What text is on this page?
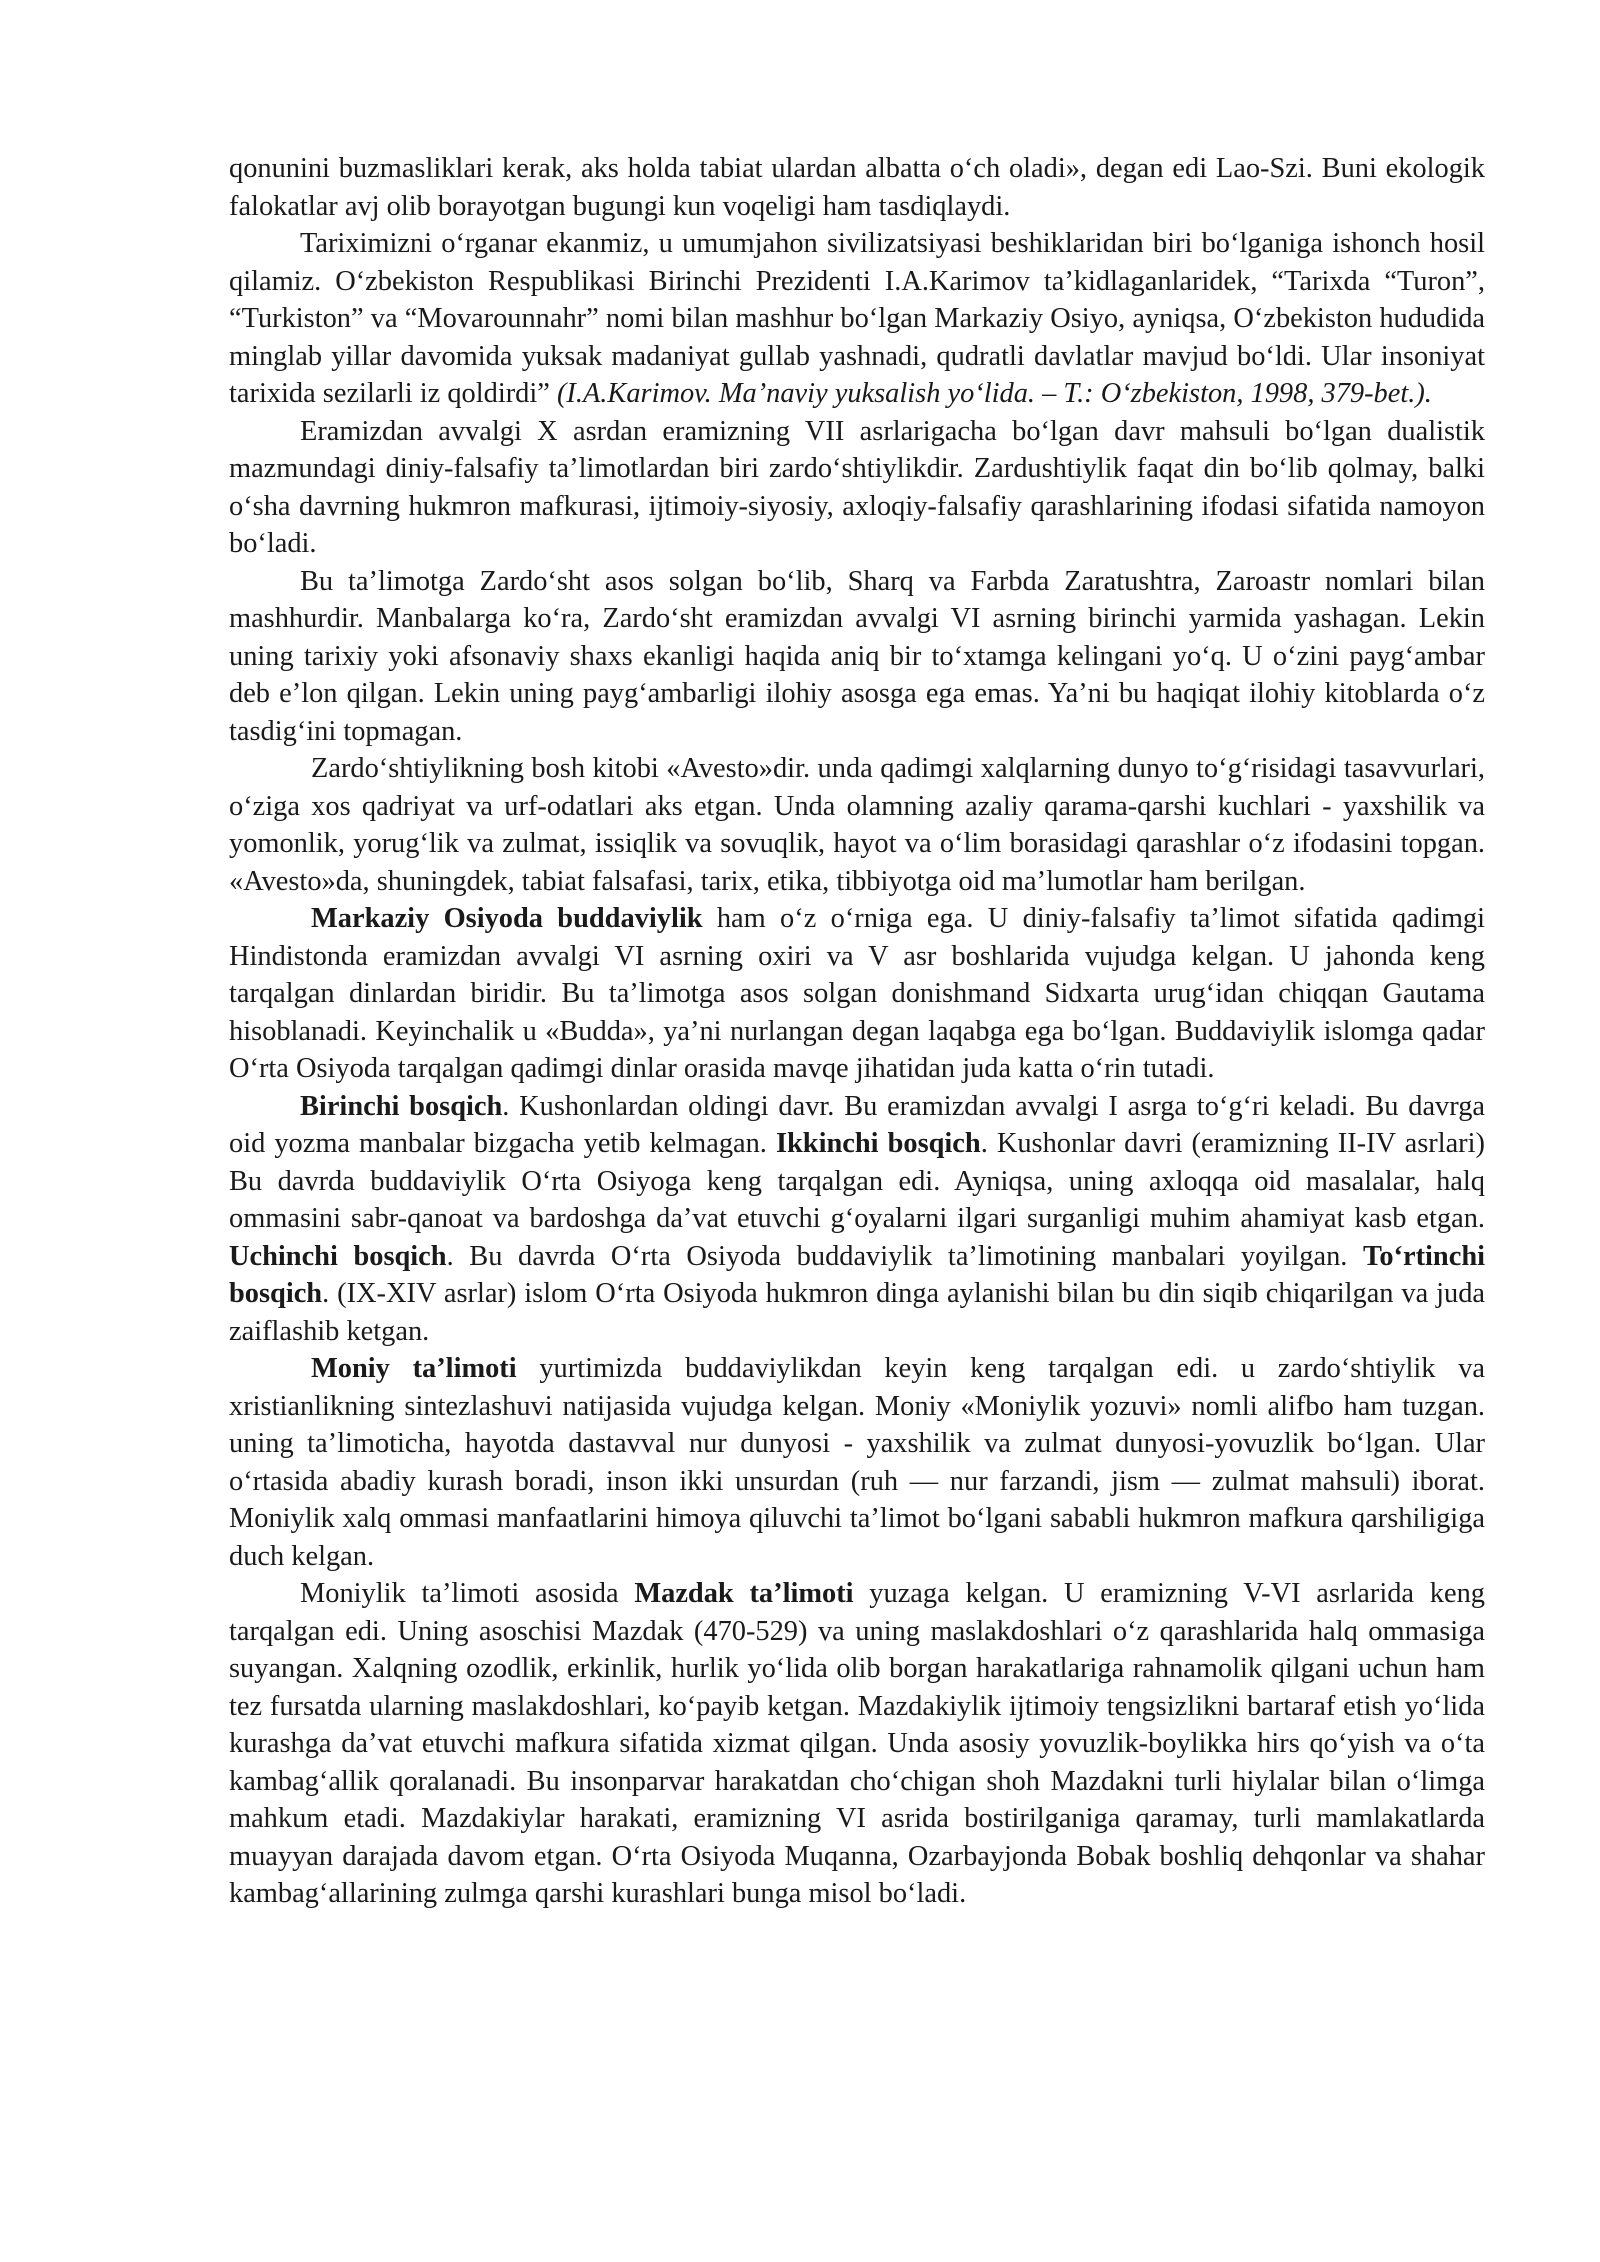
qonunini buzmasliklari kerak, aks holda tabiat ulardan albatta o‘ch oladi», degan edi Lao-Szi. Buni ekologik falokatlar avj olib borayotgan bugungi kun voqeligi ham tasdiqlaydi.

Tariximizni o‘rganar ekanmiz, u umumjahon sivilizatsiyasi beshiklaridan biri bo‘lganiga ishonch hosil qilamiz. O‘zbekiston Respublikasi Birinchi Prezidenti I.A.Karimov ta’kidlaganlaridek, “Tarixda “Turon”, “Turkiston” va “Movarounnahr” nomi bilan mashhur bo‘lgan Markaziy Osiyo, ayniqsa, O‘zbekiston hududida minglab yillar davomida yuksak madaniyat gullab yashnadi, qudratli davlatlar mavjud bo‘ldi. Ular insoniyat tarixida sezilarli iz qoldirdi” (I.A.Karimov. Ma’naviy yuksalish yo‘lida. – T.: O‘zbekiston, 1998, 379-bet.).

Eramizdan avvalgi X asrdan eramizning VII asrlarigacha bo‘lgan davr mahsuli bo‘lgan dualistik mazmundagi diniy-falsafiy ta’limotlardan biri zardo‘shtiylikdir. Zardushtiylik faqat din bo‘lib qolmay, balki o‘sha davrning hukmron mafkurasi, ijtimoiy-siyosiy, axloqiy-falsafiy qarashlarining ifodasi sifatida namoyon bo‘ladi.

Bu ta’limotga Zardo‘sht asos solgan bo‘lib, Sharq va Farbda Zaratushtra, Zaroastr nomlari bilan mashhurdir. Manbalarga ko‘ra, Zardo‘sht eramizdan avvalgi VI asrning birinchi yarmida yashagan. Lekin uning tarixiy yoki afsonaviy shaxs ekanligi haqida aniq bir to‘xtamga kelingani yo‘q. U o‘zini payg‘ambar deb e’lon qilgan. Lekin uning payg‘ambarligi ilohiy asosga ega emas. Ya’ni bu haqiqat ilohiy kitoblarda o‘z tasdig‘ini topmagan.

Zardo‘shtiylikning bosh kitobi «Avesto»dir. unda qadimgi xalqlarning dunyo to‘g‘risidagi tasavvurlari, o‘ziga xos qadriyat va urf-odatlari aks etgan. Unda olamning azaliy qarama-qarshi kuchlari - yaxshilik va yomonlik, yorug‘lik va zulmat, issiqlik va sovuqlik, hayot va o‘lim borasidagi qarashlar o‘z ifodasini topgan. «Avesto»da, shuningdek, tabiat falsafasi, tarix, etika, tibbiyotga oid ma’lumotlar ham berilgan.

Markaziy Osiyoda buddaviylik ham o‘z o‘rniga ega. U diniy-falsafiy ta’limot sifatida qadimgi Hindistonda eramizdan avvalgi VI asrning oxiri va V asr boshlarida vujudga kelgan. U jahonda keng tarqalgan dinlardan biridir. Bu ta’limotga asos solgan donishmand Sidxarta urug‘idan chiqqan Gautama hisoblanadi. Keyinchalik u «Budda», ya’ni nurlangan degan laqabga ega bo‘lgan. Buddaviylik islomga qadar O‘rta Osiyoda tarqalgan qadimgi dinlar orasida mavqe jihatidan juda katta o‘rin tutadi.

Birinchi bosqich. Kushonlardan oldingi davr. Bu eramizdan avvalgi I asrga to‘g‘ri keladi. Bu davrga oid yozma manbalar bizgacha yetib kelmagan. Ikkinchi bosqich. Kushonlar davri (eramizning II-IV asrlari) Bu davrda buddaviylik O‘rta Osiyoga keng tarqalgan edi. Ayniqsa, uning axloqqa oid masalalar, halq ommasini sabr-qanoat va bardoshga da’vat etuvchi g‘oyalarni ilgari surganligi muhim ahamiyat kasb etgan. Uchinchi bosqich. Bu davrda O‘rta Osiyoda buddaviylik ta’limotining manbalari yoyilgan. To‘rtinchi bosqich. (IX-XIV asrlar) islom O‘rta Osiyoda hukmron dinga aylanishi bilan bu din siqib chiqarilgan va juda zaiflashib ketgan.

Moniy ta’limoti yurtimizda buddaviylikdan keyin keng tarqalgan edi. u zardo‘shtiylik va xristianlikning sintezlashuvi natijasida vujudga kelgan. Moniy «Moniylik yozuvi» nomli alifbo ham tuzgan. uning ta’limoticha, hayotda dastavval nur dunyosi - yaxshilik va zulmat dunyosi-yovuzlik bo‘lgan. Ular o‘rtasida abadiy kurash boradi, inson ikki unsurdan (ruh — nur farzandi, jism — zulmat mahsuli) iborat. Moniylik xalq ommasi manfaatlarini himoya qiluvchi ta’limot bo‘lgani sababli hukmron mafkura qarshiligiga duch kelgan.

Moniylik ta’limoti asosida Mazdak ta’limoti yuzaga kelgan. U eramizning V-VI asrlarida keng tarqalgan edi. Uning asoschisi Mazdak (470-529) va uning maslakdoshlari o‘z qarashlarida halq ommasiga suyangan. Xalqning ozodlik, erkinlik, hurlik yo‘lida olib borgan harakatlariga rahnamolik qilgani uchun ham tez fursatda ularning maslakdoshlari, ko‘payib ketgan. Mazdakiylik ijtimoiy tengsizlikni bartaraf etish yo‘lida kurashga da’vat etuvchi mafkura sifatida xizmat qilgan. Unda asosiy yovuzlik-boylikka hirs qo‘yish va o‘ta kambag‘allik qoralanadi. Bu insonparvar harakatdan cho‘chigan shoh Mazdakni turli hiylalar bilan o‘limga mahkum etadi. Mazdakiylar harakati, eramizning VI asrida bostirilganiga qaramay, turli mamlakatlarda muayyan darajada davom etgan. O‘rta Osiyoda Muqanna, Ozarbayjonda Bobak boshliq dehqonlar va shahar kambag‘allarining zulmga qarshi kurashlari bunga misol bo‘ladi.
